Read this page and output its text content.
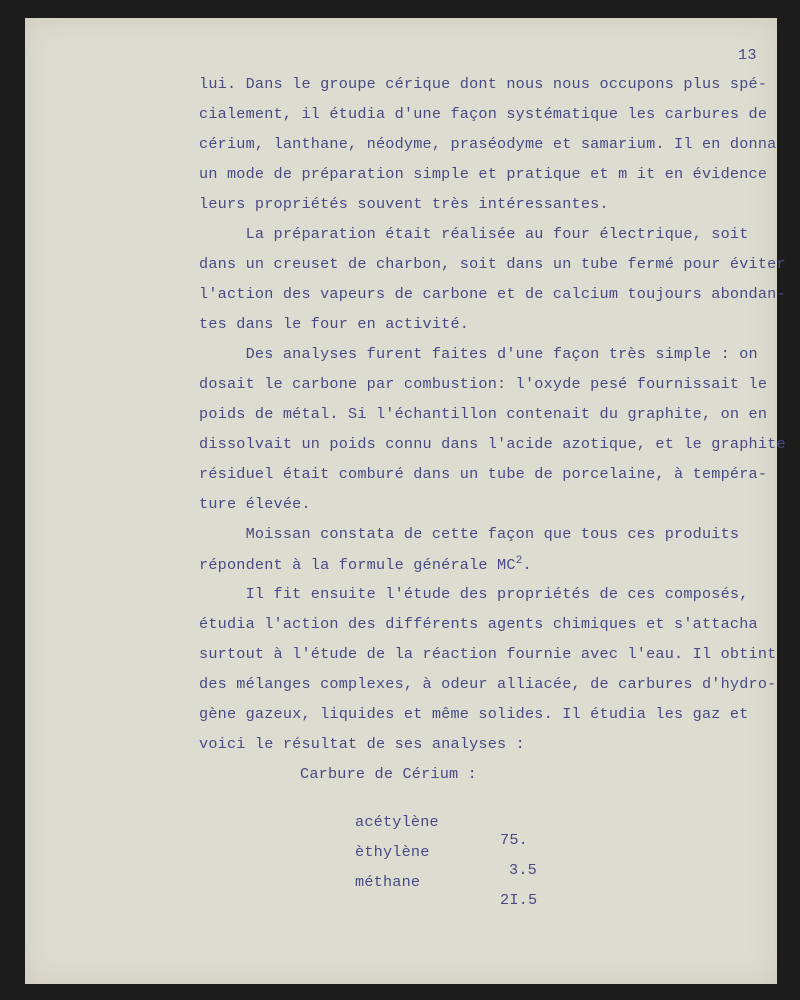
13

lui. Dans le groupe cérique dont nous nous occupons plus spé-

cialement, il étudia d'une façon systématique les carbures de

cérium, lanthane, néodyme, praséodyme et samarium. Il en donna

un mode de préparation simple et pratique et m it en évidence

leurs propriétés souvent très intéressantes.

La préparation était réalisée au four électrique, soit

dans un creuset de charbon, soit dans un tube fermé pour éviter

l'action des vapeurs de carbone et de calcium toujours abondan-

tes dans le four en activité.

Des analyses furent faites d'une façon très simple : on

dosait le carbone par combustion: l'oxyde pesé fournissait le

poids de métal. Si l'échantillon contenait du graphite, on en

dissolvait un poids connu dans l'acide azotique, et le graphite

résiduel était comburé dans un tube de porcelaine, à tempéra-

ture élevée.

Moissan constata de cette façon que tous ces produits

répondent à la formule générale $MC^2$.

Il fit ensuite l'étude des propriétés de ces composés,

étudia l'action des différents agents chimiques et s'attacha

surtout à l'étude de la réaction fournie avec l'eau. Il obtint

des mélanges complexes, à odeur alliacée, de carbures d'hydro-

gène gazeux, liquides et même solides. Il étudia les gaz et

voici le résultat de ses analyses :

Carbure de Cérium :

acétylène

75.

èthylène

3.5

méthane

2I.5
